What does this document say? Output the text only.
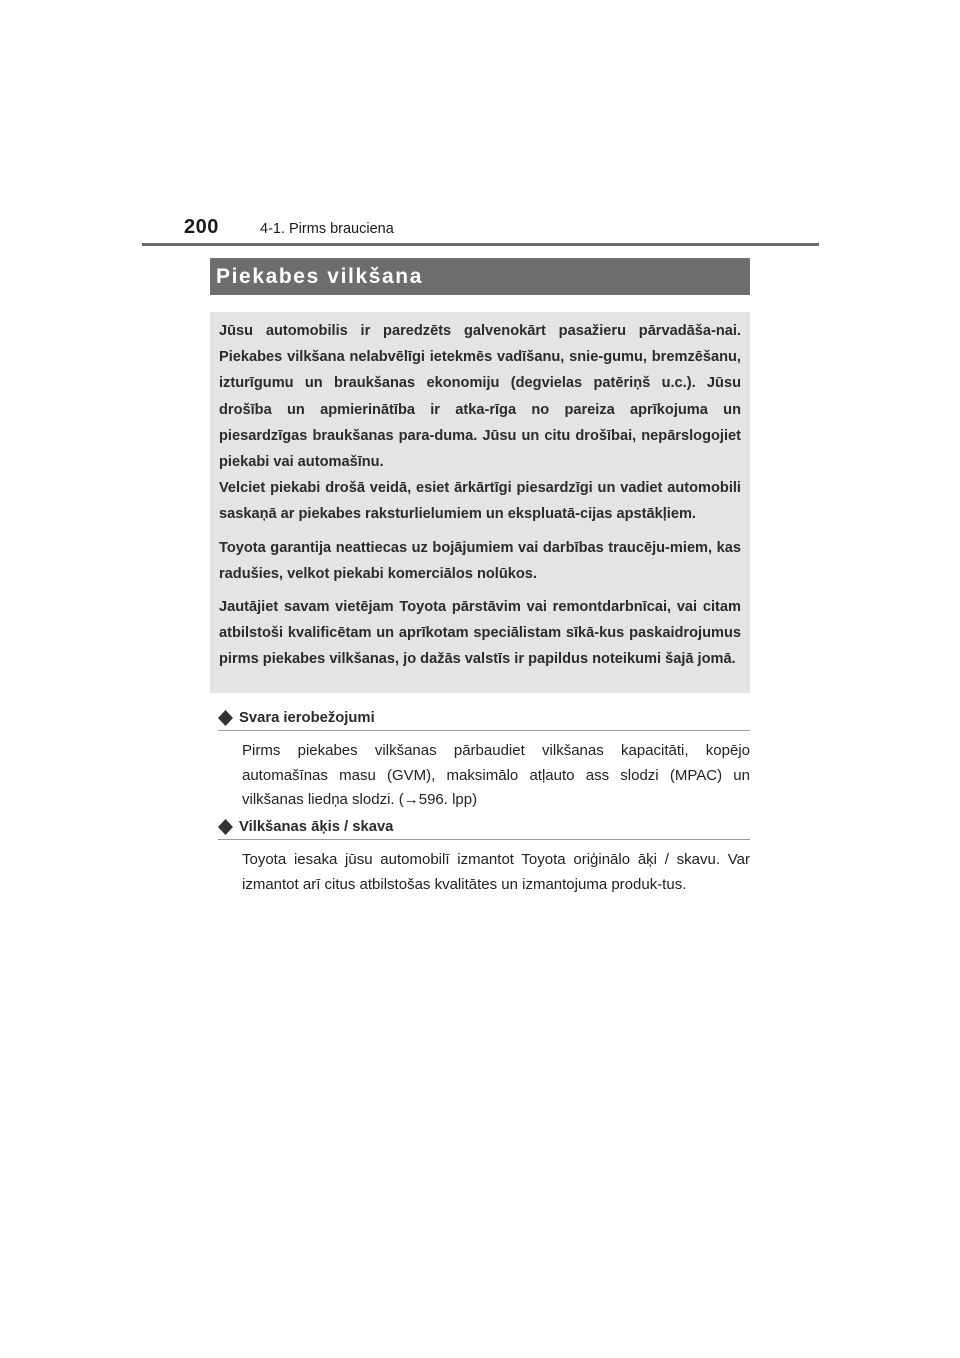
200	4-1. Pirms brauciena
Piekabes vilkšana

Jūsu automobilis ir paredzēts galvenokārt pasažieru pārvadāša-nai. Piekabes vilkšana nelabvēlīgi ietekmēs vadīšanu, snie-gumu, bremzēšanu, izturīgumu un braukšanas ekonomiju (degvielas patēriņš u.c.). Jūsu drošība un apmierinātība ir atka-rīga no pareiza aprīkojuma un piesardzīgas braukšanas para-duma. Jūsu un citu drošībai, nepārslogojiet piekabi vai automašīnu.

Velciet piekabi drošā veidā, esiet ārkārtīgi piesardzīgi un vadiet automobili saskaņā ar piekabes raksturlielumiem un ekspluatā-cijas apstākļiem.

Toyota garantija neattiecas uz bojājumiem vai darbības traucēju-miem, kas radušies, velkot piekabi komerciālos nolūkos.

Jautājiet savam vietējam Toyota pārstāvim vai remontdarbnīcai, vai citam atbilstoši kvalificētam un aprīkotam speciālistam sīkā-kus paskaidrojumus pirms piekabes vilkšanas, jo dažās valstīs ir papildus noteikumi šajā jomā.

Svara ierobežojumi
Pirms piekabes vilkšanas pārbaudiet vilkšanas kapacitāti, kopējo automašīnas masu (GVM), maksimālo atļauto ass slodzi (MPAC) un vilkšanas liedņa slodzi. (→596. lpp)
Vilkšanas āķis / skava
Toyota iesaka jūsu automobilī izmantot Toyota oriģinālo āķi / skavu. Var izmantot arī citus atbilstošas kvalitātes un izmantojuma produk-tus.
